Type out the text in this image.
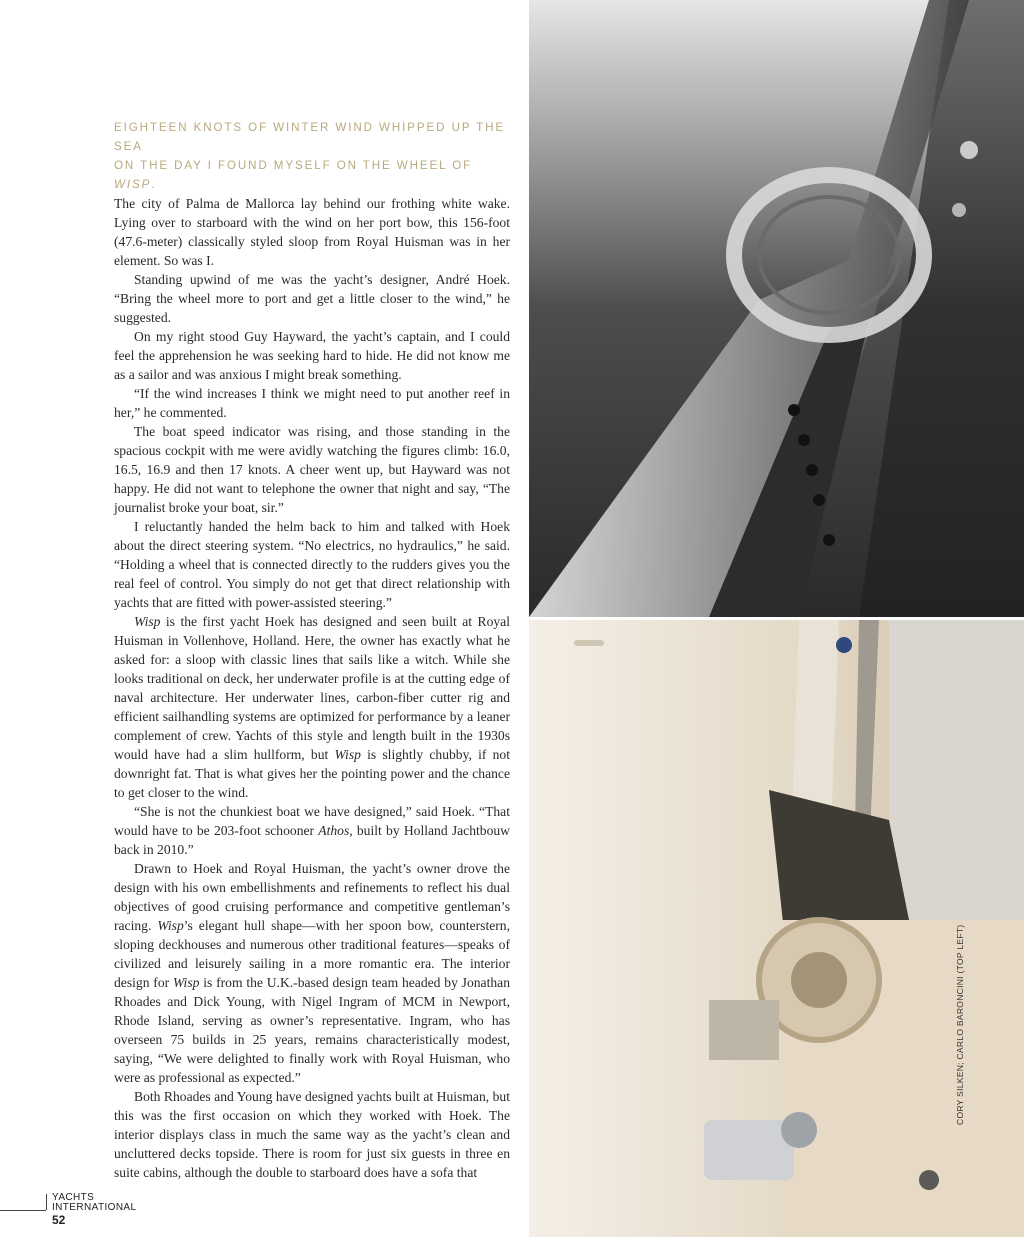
EIGHTEEN KNOTS OF WINTER WIND WHIPPED UP THE SEA
ON THE DAY I FOUND MYSELF ON THE WHEEL OF WISP.

The city of Palma de Mallorca lay behind our frothing white wake. Lying over to starboard with the wind on her port bow, this 156-foot (47.6-meter) classically styled sloop from Royal Huisman was in her element. So was I.

Standing upwind of me was the yacht’s designer, André Hoek. “Bring the wheel more to port and get a little closer to the wind,” he suggested.

On my right stood Guy Hayward, the yacht’s captain, and I could feel the apprehension he was seeking hard to hide. He did not know me as a sailor and was anxious I might break something.

“If the wind increases I think we might need to put another reef in her,” he commented.

The boat speed indicator was rising, and those standing in the spacious cockpit with me were avidly watching the figures climb: 16.0, 16.5, 16.9 and then 17 knots. A cheer went up, but Hayward was not happy. He did not want to telephone the owner that night and say, “The journalist broke your boat, sir.”

I reluctantly handed the helm back to him and talked with Hoek about the direct steering system. “No electrics, no hydraulics,” he said. “Holding a wheel that is connected directly to the rudders gives you the real feel of control. You simply do not get that direct relationship with yachts that are fitted with power-assisted steering.”

Wisp is the first yacht Hoek has designed and seen built at Royal Huisman in Vollenhove, Holland. Here, the owner has exactly what he asked for: a sloop with classic lines that sails like a witch. While she looks traditional on deck, her underwater profile is at the cutting edge of naval architecture. Her underwater lines, carbon-fiber cutter rig and efficient sailhandling systems are optimized for performance by a leaner complement of crew. Yachts of this style and length built in the 1930s would have had a slim hullform, but Wisp is slightly chubby, if not downright fat. That is what gives her the pointing power and the chance to get closer to the wind.

“She is not the chunkiest boat we have designed,” said Hoek. “That would have to be 203-foot schooner Athos, built by Holland Jachtbouw back in 2010.”

Drawn to Hoek and Royal Huisman, the yacht’s owner drove the design with his own embellishments and refinements to reflect his dual objectives of good cruising performance and competitive gentleman’s racing. Wisp’s elegant hull shape—with her spoon bow, counterstern, sloping deckhouses and numerous other traditional features—speaks of civilized and leisurely sailing in a more romantic era. The interior design for Wisp is from the U.K.-based design team headed by Jonathan Rhoades and Dick Young, with Nigel Ingram of MCM in Newport, Rhode Island, serving as owner’s representative. Ingram, who has overseen 75 builds in 25 years, remains characteristically modest, saying, “We were delighted to finally work with Royal Huisman, who were as professional as expected.”

Both Rhoades and Young have designed yachts built at Huisman, but this was the first occasion on which they worked with Hoek. The interior displays class in much the same way as the yacht’s clean and uncluttered decks topside. There is room for just six guests in three en suite cabins, although the double to starboard does have a sofa that

YACHTS
INTERNATIONAL
52
CORY SILKEN; CARLO BARONCINI (TOP LEFT)
